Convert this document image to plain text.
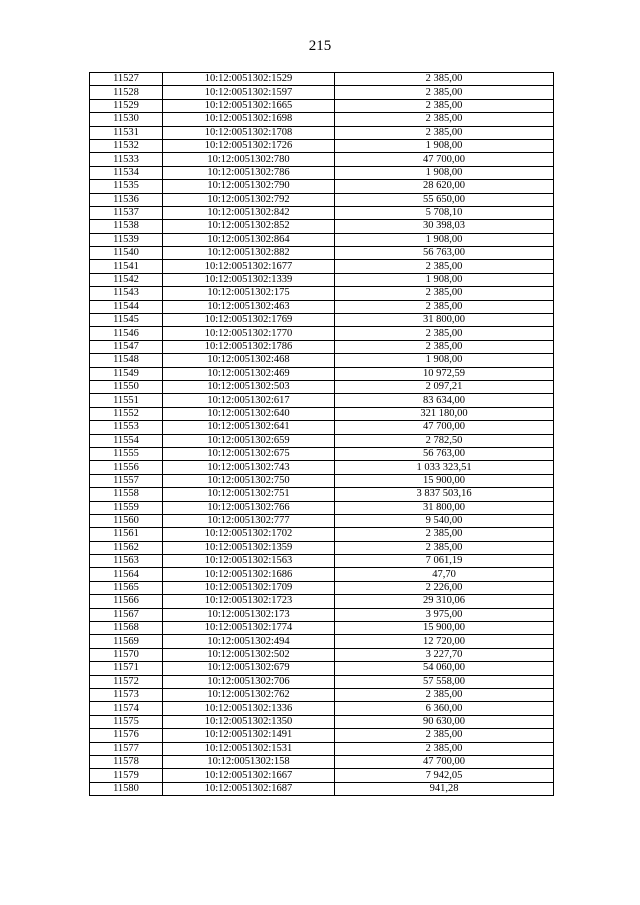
215
11527	10:12:0051302:1529	2 385,00
11528	10:12:0051302:1597	2 385,00
11529	10:12:0051302:1665	2 385,00
11530	10:12:0051302:1698	2 385,00
11531	10:12:0051302:1708	2 385,00
11532	10:12:0051302:1726	1 908,00
11533	10:12:0051302:780	47 700,00
11534	10:12:0051302:786	1 908,00
11535	10:12:0051302:790	28 620,00
11536	10:12:0051302:792	55 650,00
11537	10:12:0051302:842	5 708,10
11538	10:12:0051302:852	30 398,03
11539	10:12:0051302:864	1 908,00
11540	10:12:0051302:882	56 763,00
11541	10:12:0051302:1677	2 385,00
11542	10:12:0051302:1339	1 908,00
11543	10:12:0051302:175	2 385,00
11544	10:12:0051302:463	2 385,00
11545	10:12:0051302:1769	31 800,00
11546	10:12:0051302:1770	2 385,00
11547	10:12:0051302:1786	2 385,00
11548	10:12:0051302:468	1 908,00
11549	10:12:0051302:469	10 972,59
11550	10:12:0051302:503	2 097,21
11551	10:12:0051302:617	83 634,00
11552	10:12:0051302:640	321 180,00
11553	10:12:0051302:641	47 700,00
11554	10:12:0051302:659	2 782,50
11555	10:12:0051302:675	56 763,00
11556	10:12:0051302:743	1 033 323,51
11557	10:12:0051302:750	15 900,00
11558	10:12:0051302:751	3 837 503,16
11559	10:12:0051302:766	31 800,00
11560	10:12:0051302:777	9 540,00
11561	10:12:0051302:1702	2 385,00
11562	10:12:0051302:1359	2 385,00
11563	10:12:0051302:1563	7 061,19
11564	10:12:0051302:1686	47,70
11565	10:12:0051302:1709	2 226,00
11566	10:12:0051302:1723	29 310,06
11567	10:12:0051302:173	3 975,00
11568	10:12:0051302:1774	15 900,00
11569	10:12:0051302:494	12 720,00
11570	10:12:0051302:502	3 227,70
11571	10:12:0051302:679	54 060,00
11572	10:12:0051302:706	57 558,00
11573	10:12:0051302:762	2 385,00
11574	10:12:0051302:1336	6 360,00
11575	10:12:0051302:1350	90 630,00
11576	10:12:0051302:1491	2 385,00
11577	10:12:0051302:1531	2 385,00
11578	10:12:0051302:158	47 700,00
11579	10:12:0051302:1667	7 942,05
11580	10:12:0051302:1687	941,28
